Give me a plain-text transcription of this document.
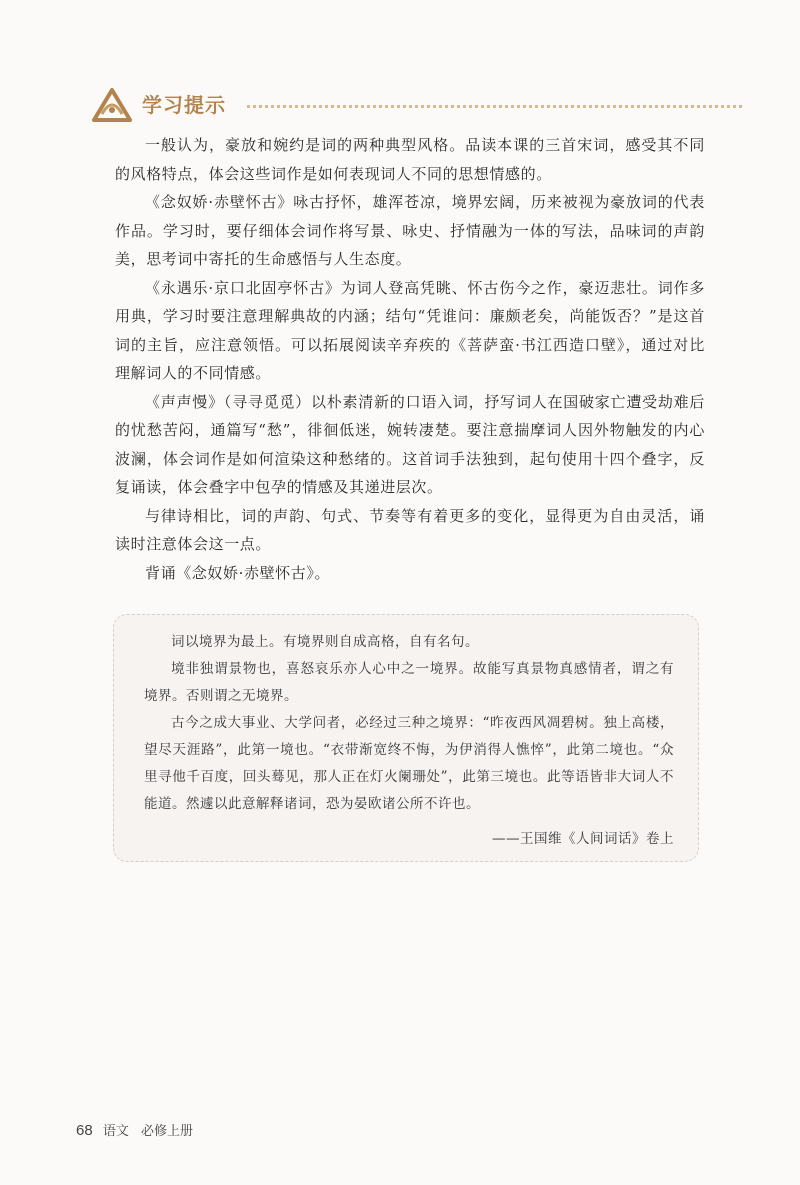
学习提示

一般认为，豪放和婉约是词的两种典型风格。品读本课的三首宋词，感受其不同的风格特点，体会这些词作是如何表现词人不同的思想情感的。

《念奴娇·赤壁怀古》咏古抒怀，雄浑苍凉，境界宏阔，历来被视为豪放词的代表作品。学习时，要仔细体会词作将写景、咏史、抒情融为一体的写法，品味词的声韵美，思考词中寄托的生命感悟与人生态度。

《永遇乐·京口北固亭怀古》为词人登高凭眺、怀古伤今之作，豪迈悲壮。词作多用典，学习时要注意理解典故的内涵；结句“凭谁问：廉颇老矣，尚能饭否？”是这首词的主旨，应注意领悟。可以拓展阅读辛弃疾的《菩萨蛮·书江西造口壁》，通过对比理解词人的不同情感。

《声声慢》（寻寻觅觅）以朴素清新的口语入词，抒写词人在国破家亡遭受劫难后的忧愁苦闷，通篇写“愁”，徘徊低迷，婉转凄楚。要注意揣摩词人因外物触发的内心波澜，体会词作是如何渲染这种愁绪的。这首词手法独到，起句使用十四个叠字，反复诵读，体会叠字中包孕的情感及其递进层次。

与律诗相比，词的声韵、句式、节奏等有着更多的变化，显得更为自由灵活，诵读时注意体会这一点。

背诵《念奴娇·赤壁怀古》。

词以境界为最上。有境界则自成高格，自有名句。

境非独谓景物也，喜怒哀乐亦人心中之一境界。故能写真景物真感情者，谓之有境界。否则谓之无境界。

古今之成大事业、大学问者，必经过三种之境界：“昨夜西风凋碧树。独上高楼，望尽天涯路”，此第一境也。“衣带渐宽终不悔，为伊消得人憔悴”，此第二境也。“众里寻他千百度，回头蓦见，那人正在灯火阑珊处”，此第三境也。此等语皆非大词人不能道。然遽以此意解释诸词，恐为晏欧诸公所不许也。

——王国维《人间词话》卷上
68 语文 必修上册
